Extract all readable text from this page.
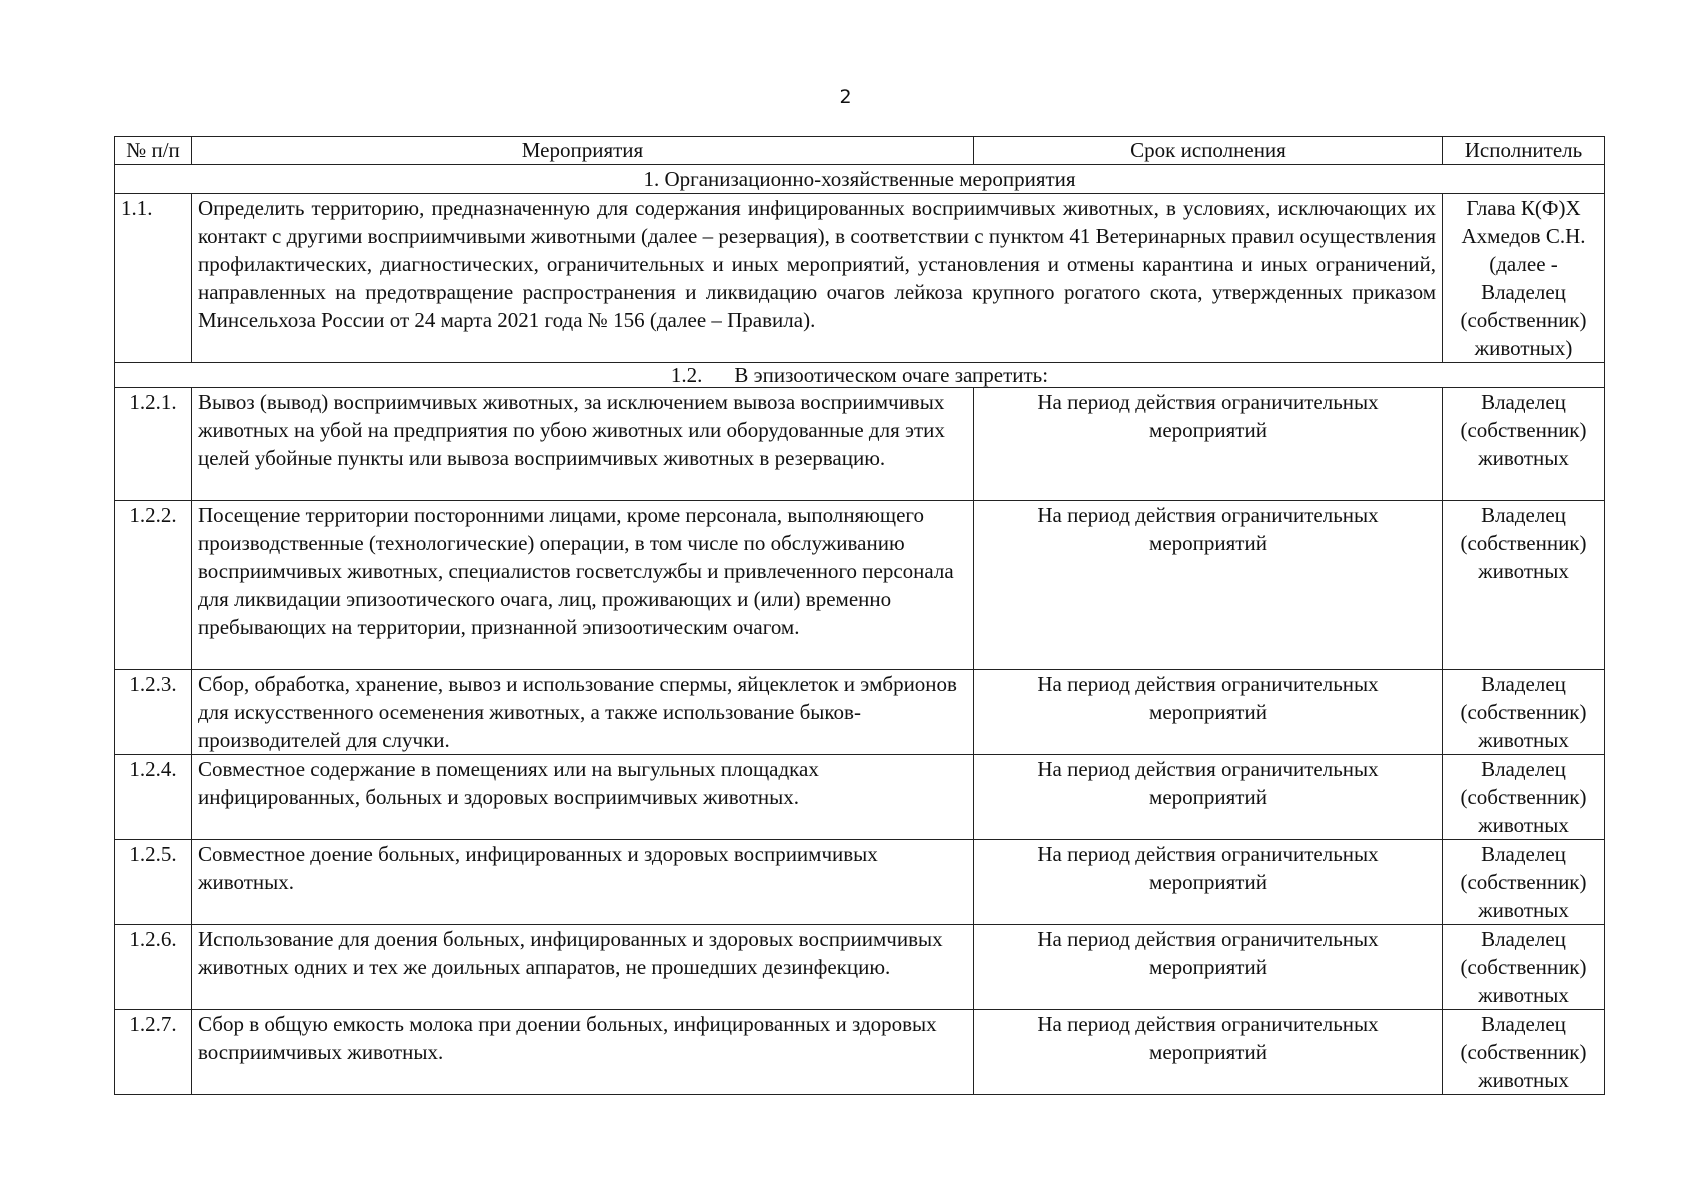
2
№ п/п	Мероприятия	Срок исполнения	Исполнитель
1. Организационно-хозяйственные мероприятия			
1.1.	Определить территорию, предназначенную для содержания инфицированных восприимчивых животных, в условиях, исключающих их контакт с другими восприимчивыми животными (далее – резервация), в соответствии с пунктом 41 Ветеринарных правил осуществления профилактических, диагностических, ограничительных и иных мероприятий, установления и отмены карантина и иных ограничений, направленных на предотвращение распространения и ликвидацию очагов лейкоза крупного рогатого скота, утвержденных приказом Минсельхоза России от 24 марта 2021 года № 156 (далее – Правила).		Глава К(Ф)Х Ахмедов С.Н. (далее - Владелец (собственник) животных)
1.2. В эпизоотическом очаге запретить:			
1.2.1.	Вывоз (вывод) восприимчивых животных, за исключением вывоза восприимчивых животных на убой на предприятия по убою животных или оборудованные для этих целей убойные пункты или вывоза восприимчивых животных в резервацию.	На период действия ограничительных мероприятий	Владелец (собственник) животных
1.2.2.	Посещение территории посторонними лицами, кроме персонала, выполняющего производственные (технологические) операции, в том числе по обслуживанию восприимчивых животных, специалистов госветслужбы и привлеченного персонала для ликвидации эпизоотического очага, лиц, проживающих и (или) временно пребывающих на территории, признанной эпизоотическим очагом.	На период действия ограничительных мероприятий	Владелец (собственник) животных
1.2.3.	Сбор, обработка, хранение, вывоз и использование спермы, яйцеклеток и эмбрионов для искусственного осеменения животных, а также использование быков-производителей для случки.	На период действия ограничительных мероприятий	Владелец (собственник) животных
1.2.4.	Совместное содержание в помещениях или на выгульных площадках инфицированных, больных и здоровых восприимчивых животных.	На период действия ограничительных мероприятий	Владелец (собственник) животных
1.2.5.	Совместное доение больных, инфицированных и здоровых восприимчивых животных.	На период действия ограничительных мероприятий	Владелец (собственник) животных
1.2.6.	Использование для доения больных, инфицированных и здоровых восприимчивых животных одних и тех же доильных аппаратов, не прошедших дезинфекцию.	На период действия ограничительных мероприятий	Владелец (собственник) животных
1.2.7.	Сбор в общую емкость молока при доении больных, инфицированных и здоровых восприимчивых животных.	На период действия ограничительных мероприятий	Владелец (собственник) животных
